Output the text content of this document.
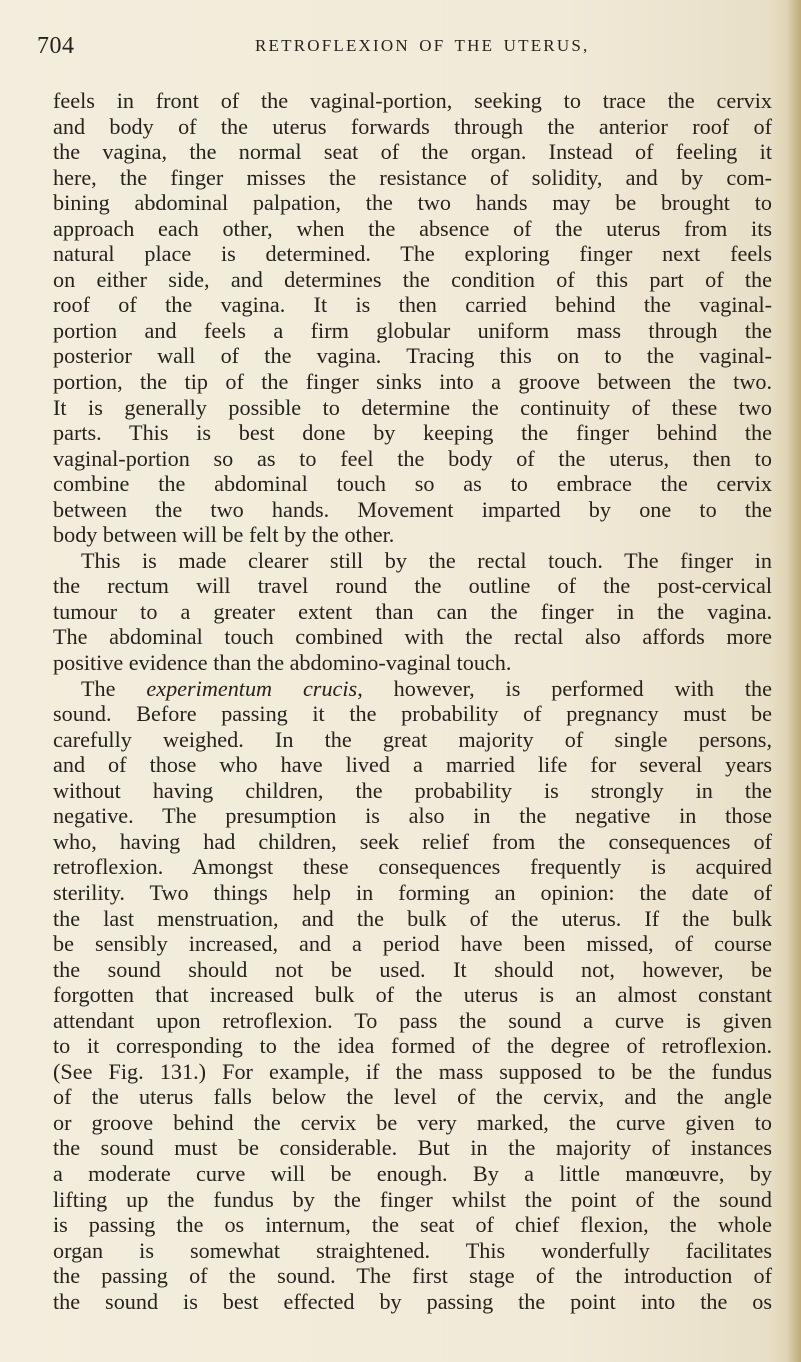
704	RETROFLEXION OF THE UTERUS,
feels in front of the vaginal-portion, seeking to trace the cervix
and body of the uterus forwards through the anterior roof of
the vagina, the normal seat of the organ. Instead of feeling it
here, the finger misses the resistance of solidity, and by com-
bining abdominal palpation, the two hands may be brought to
approach each other, when the absence of the uterus from its
natural place is determined. The exploring finger next feels
on either side, and determines the condition of this part of the
roof of the vagina. It is then carried behind the vaginal-
portion and feels a firm globular uniform mass through the
posterior wall of the vagina. Tracing this on to the vaginal-
portion, the tip of the finger sinks into a groove between the two.
It is generally possible to determine the continuity of these two
parts. This is best done by keeping the finger behind the
vaginal-portion so as to feel the body of the uterus, then to
combine the abdominal touch so as to embrace the cervix
between the two hands. Movement imparted by one to the
body between will be felt by the other.
This is made clearer still by the rectal touch. The finger in
the rectum will travel round the outline of the post-cervical
tumour to a greater extent than can the finger in the vagina.
The abdominal touch combined with the rectal also affords more
positive evidence than the abdomino-vaginal touch.
The experimentum crucis, however, is performed with the
sound. Before passing it the probability of pregnancy must be
carefully weighed. In the great majority of single persons,
and of those who have lived a married life for several years
without having children, the probability is strongly in the
negative. The presumption is also in the negative in those
who, having had children, seek relief from the consequences of
retroflexion. Amongst these consequences frequently is acquired
sterility. Two things help in forming an opinion: the date of
the last menstruation, and the bulk of the uterus. If the bulk
be sensibly increased, and a period have been missed, of course
the sound should not be used. It should not, however, be
forgotten that increased bulk of the uterus is an almost constant
attendant upon retroflexion. To pass the sound a curve is given
to it corresponding to the idea formed of the degree of retroflexion.
(See Fig. 131.) For example, if the mass supposed to be the fundus
of the uterus falls below the level of the cervix, and the angle
or groove behind the cervix be very marked, the curve given to
the sound must be considerable. But in the majority of instances
a moderate curve will be enough. By a little manœuvre, by
lifting up the fundus by the finger whilst the point of the sound
is passing the os internum, the seat of chief flexion, the whole
organ is somewhat straightened. This wonderfully facilitates
the passing of the sound. The first stage of the introduction of
the sound is best effected by passing the point into the os
